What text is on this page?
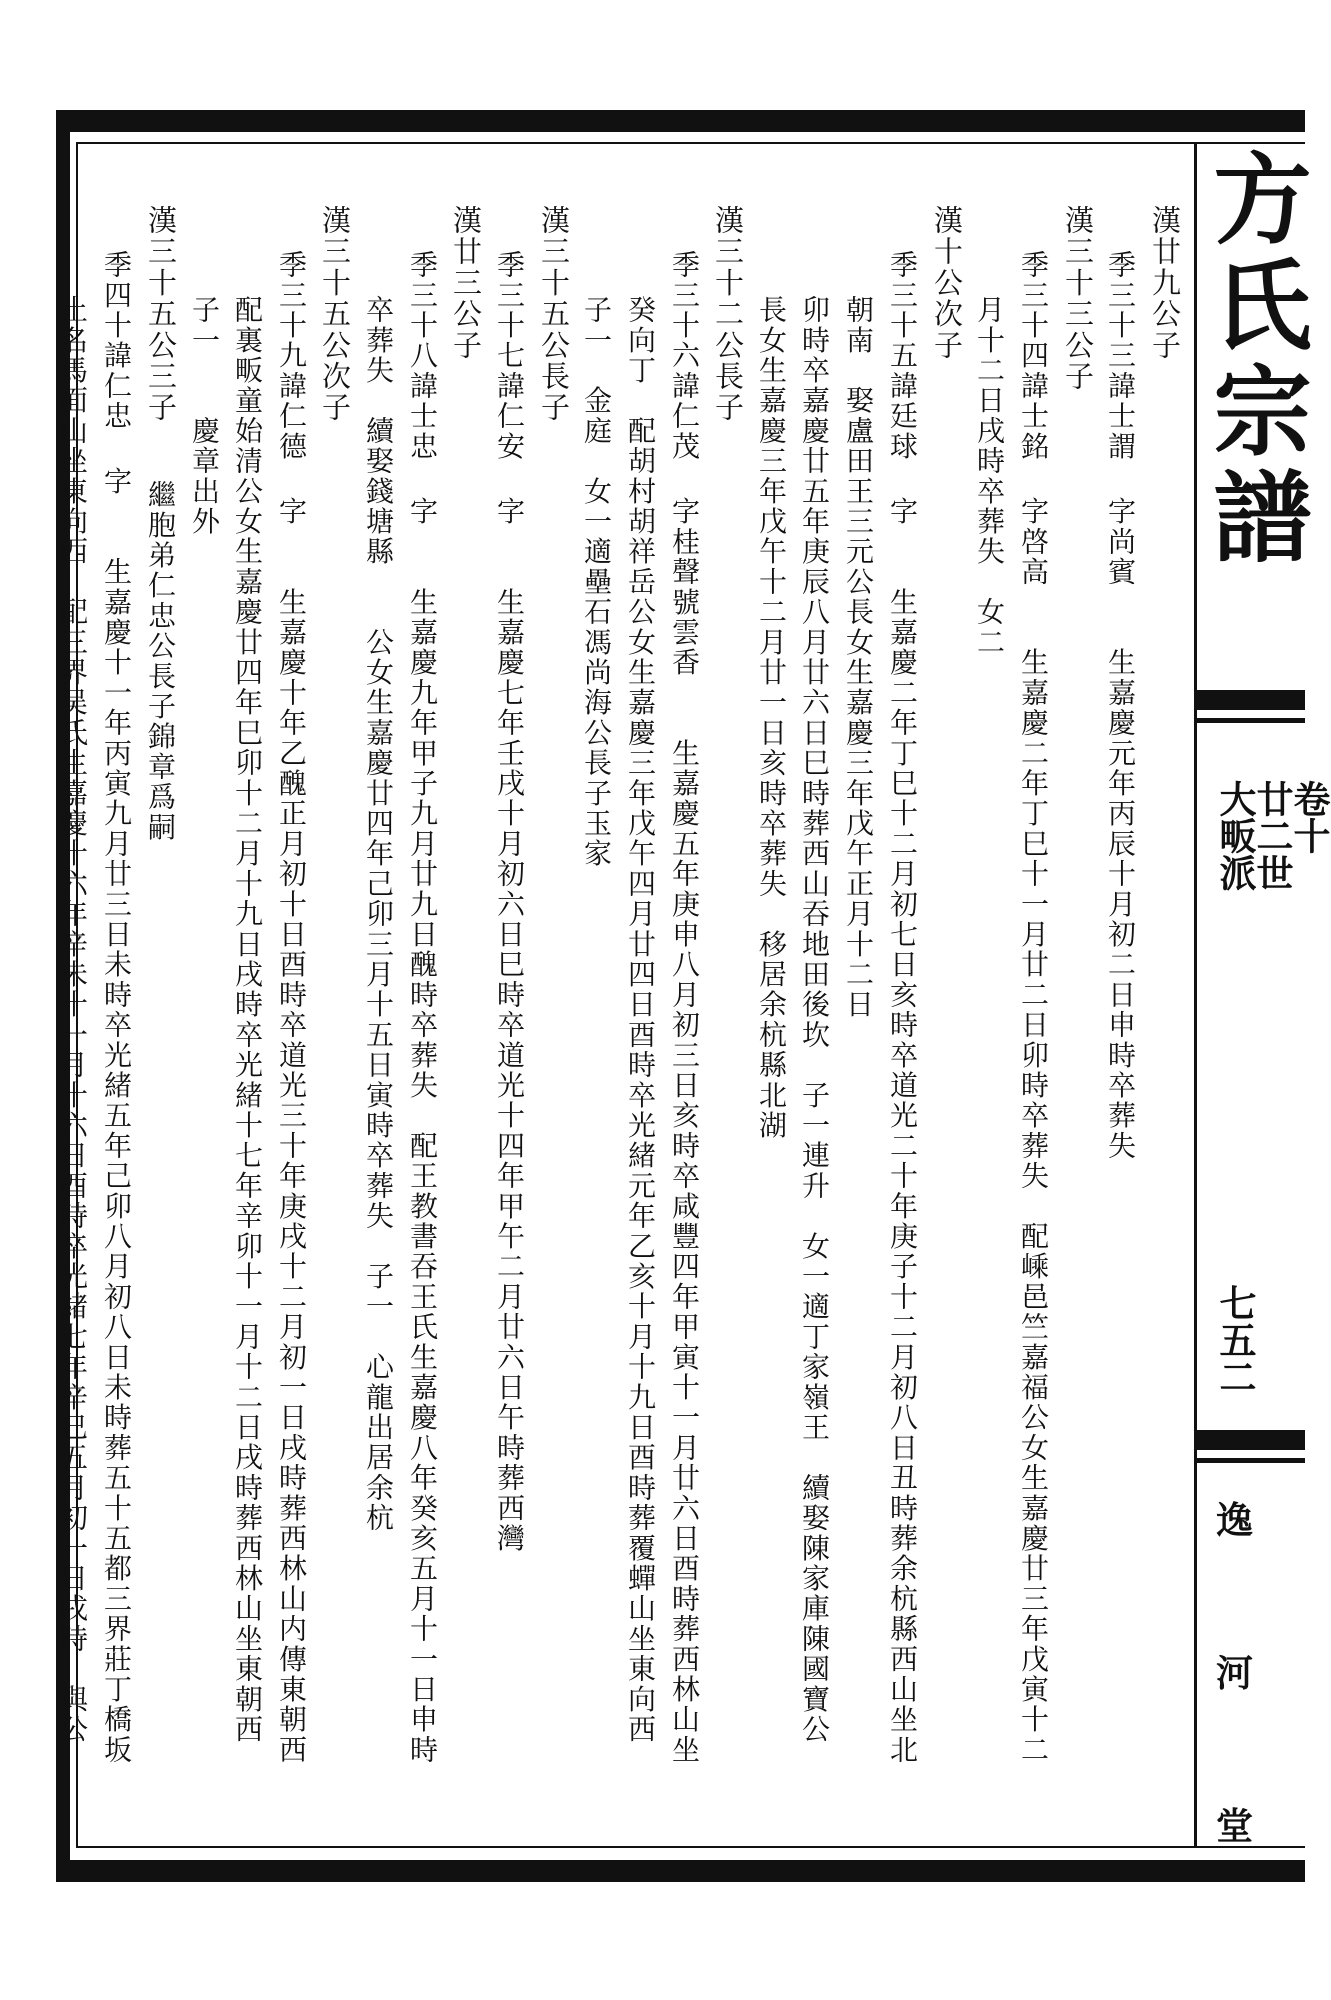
方氏宗譜
卷十
廿二世
大畈派
七五二
逸
河
堂
漢廿九公子
季三十三諱士謂 字尚賓　　生嘉慶元年丙辰十月初二日申時卒葬失
漢三十三公子
季三十四諱士銘 字啓高　　生嘉慶二年丁巳十一月廿二日卯時卒葬失　配嵊邑竺嘉福公女生嘉慶廿三年戊寅十二
月十二日戌時卒葬失　女二
漢十公次子
季三十五諱廷球 字　　生嘉慶二年丁巳十二月初七日亥時卒道光二十年庚子十二月初八日丑時葬余杭縣西山坐北
朝南　娶盧田王三元公長女生嘉慶三年戊午正月十二日
卯時卒嘉慶廿五年庚辰八月廿六日巳時葬西山吞地田後坎　子一連升　女一適丁家嶺王　續娶陳家庫陳國寶公
長女生嘉慶三年戊午十二月廿一日亥時卒葬失　移居余杭縣北湖
漢三十二公長子
季三十六諱仁茂 字桂聲號雲香　　生嘉慶五年庚申八月初三日亥時卒咸豐四年甲寅十一月廿六日酉時葬西林山坐
癸向丁　配胡村胡祥岳公女生嘉慶三年戊午四月廿四日酉時卒光緒元年乙亥十月十九日酉時葬覆蟬山坐東向西
子一　金庭　女一適壘石馮尚海公長子玉家
漢三十五公長子
季三十七諱仁安 字　　生嘉慶七年壬戌十月初六日巳時卒道光十四年甲午二月廿六日午時葬西灣
漢廿三公子
季三十八諱士忠 字　　生嘉慶九年甲子九月廿九日醜時卒葬失　配王教書吞王氏生嘉慶八年癸亥五月十一日申時
卒葬失　續娶錢塘縣　　公女生嘉慶廿四年己卯三月十五日寅時卒葬失　子一　心龍出居余杭
漢三十五公次子
季三十九諱仁德 字　　生嘉慶十年乙醜正月初十日酉時卒道光三十年庚戌十二月初一日戌時葬西林山内傳東朝西
配裏畈童始清公女生嘉慶廿四年巳卯十二月十九日戌時卒光緒十七年辛卯十一月十二日戌時葬西林山坐東朝西
子一　　慶章出外
漢三十五公三子
季四十諱仁忠 字　　生嘉慶十一年丙寅九月廿三日未時卒光緒五年己卯八月初八日未時葬五十五都三界莊丁橋坂
土名馬面山坐東向西　配三界吴氏生嘉慶十六年辛未十一月十六日酉時卒光緒七年辛巳五月初一日戌時　與公 繼胞弟仁忠公長子錦章爲嗣
